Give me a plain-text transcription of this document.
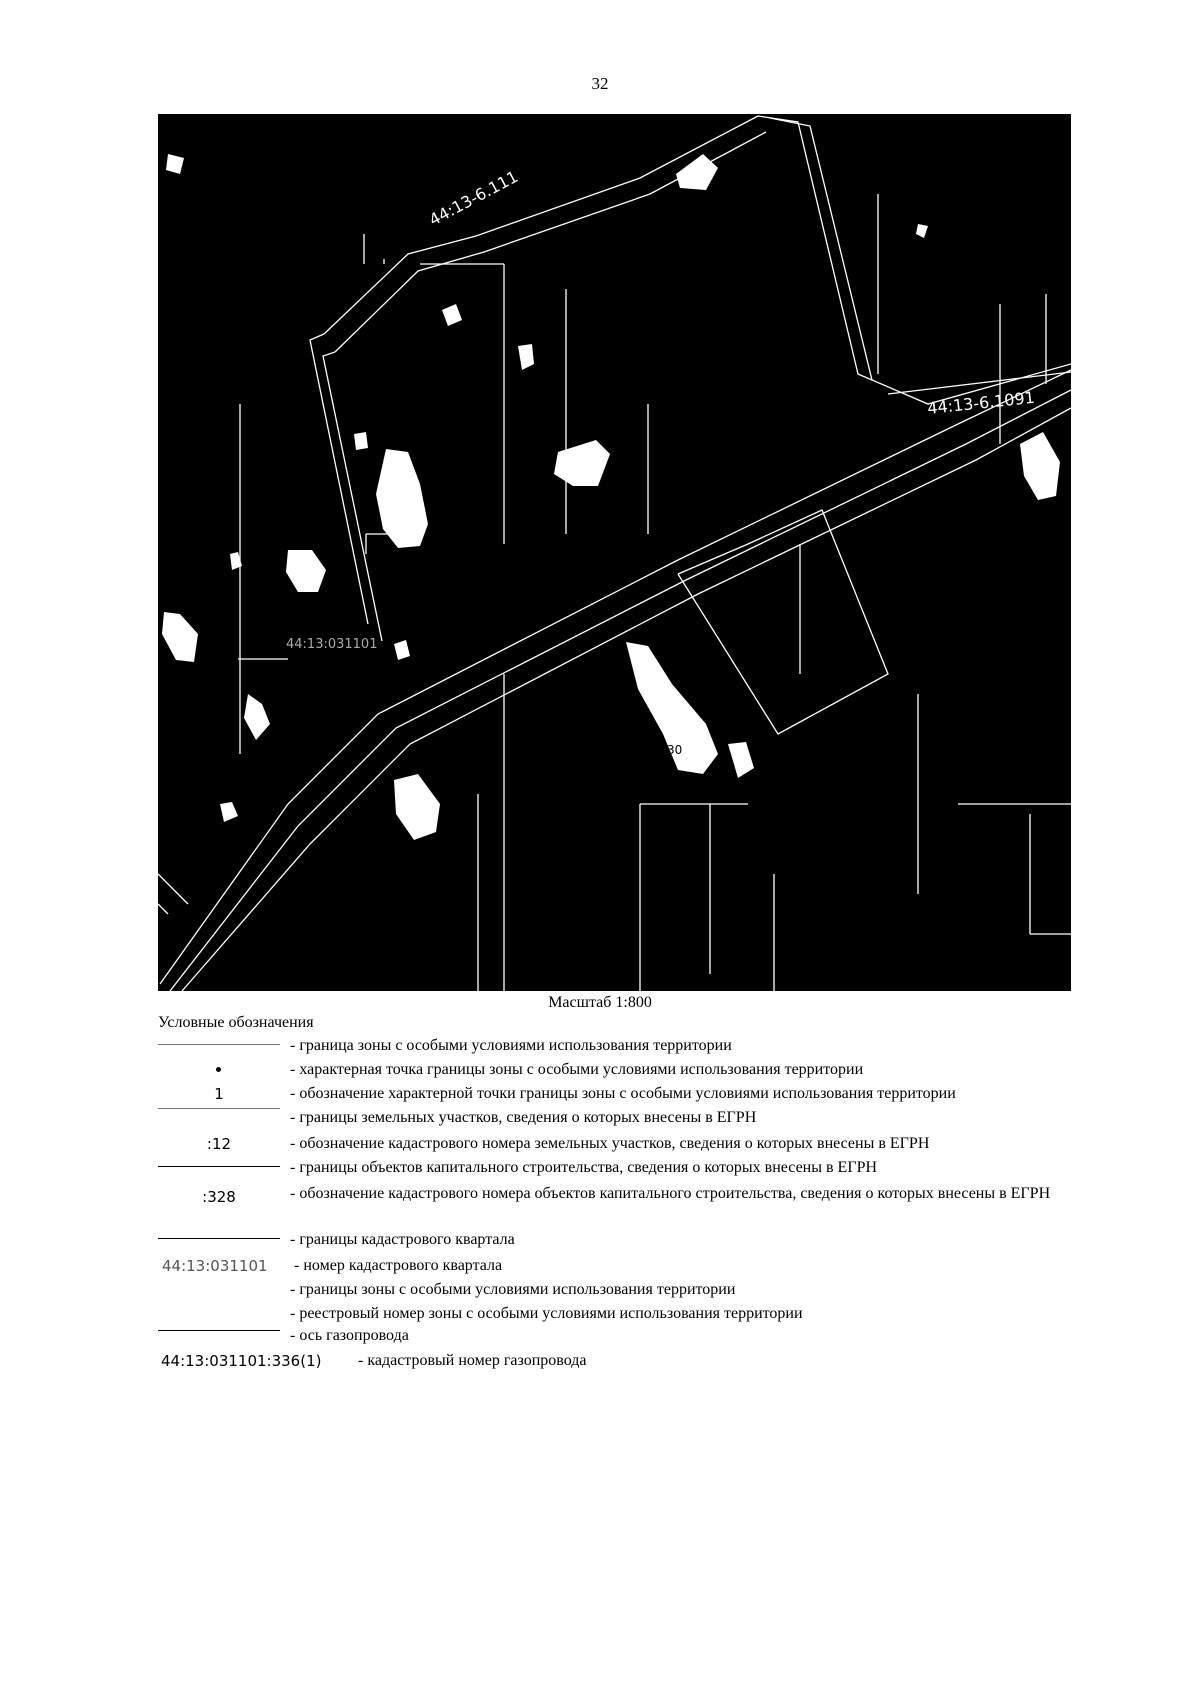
32
44:13-6.111
44:13-6.1091
44:13:031101
:30
Масштаб 1:800
Условные обозначения
- граница зоны с особыми условиями использования территории
- характерная точка границы зоны с особыми условиями использования территории
1	- обозначение характерной точки границы зоны с особыми условиями использования территории
- границы земельных участков, сведения о которых внесены в ЕГРН
:12	- обозначение кадастрового номера земельных участков, сведения о которых внесены в ЕГРН
- границы объектов капитального строительства, сведения о которых внесены в ЕГРН
:328	- обозначение кадастрового номера объектов капитального строительства, сведения о которых внесены в ЕГРН
- границы кадастрового квартала
44:13:031101	- номер кадастрового квартала
- границы зоны с особыми условиями использования территории
- реестровый номер зоны с особыми условиями использования территории
- ось газопровода
44:13:031101:336(1) - кадастровый номер газопровода
